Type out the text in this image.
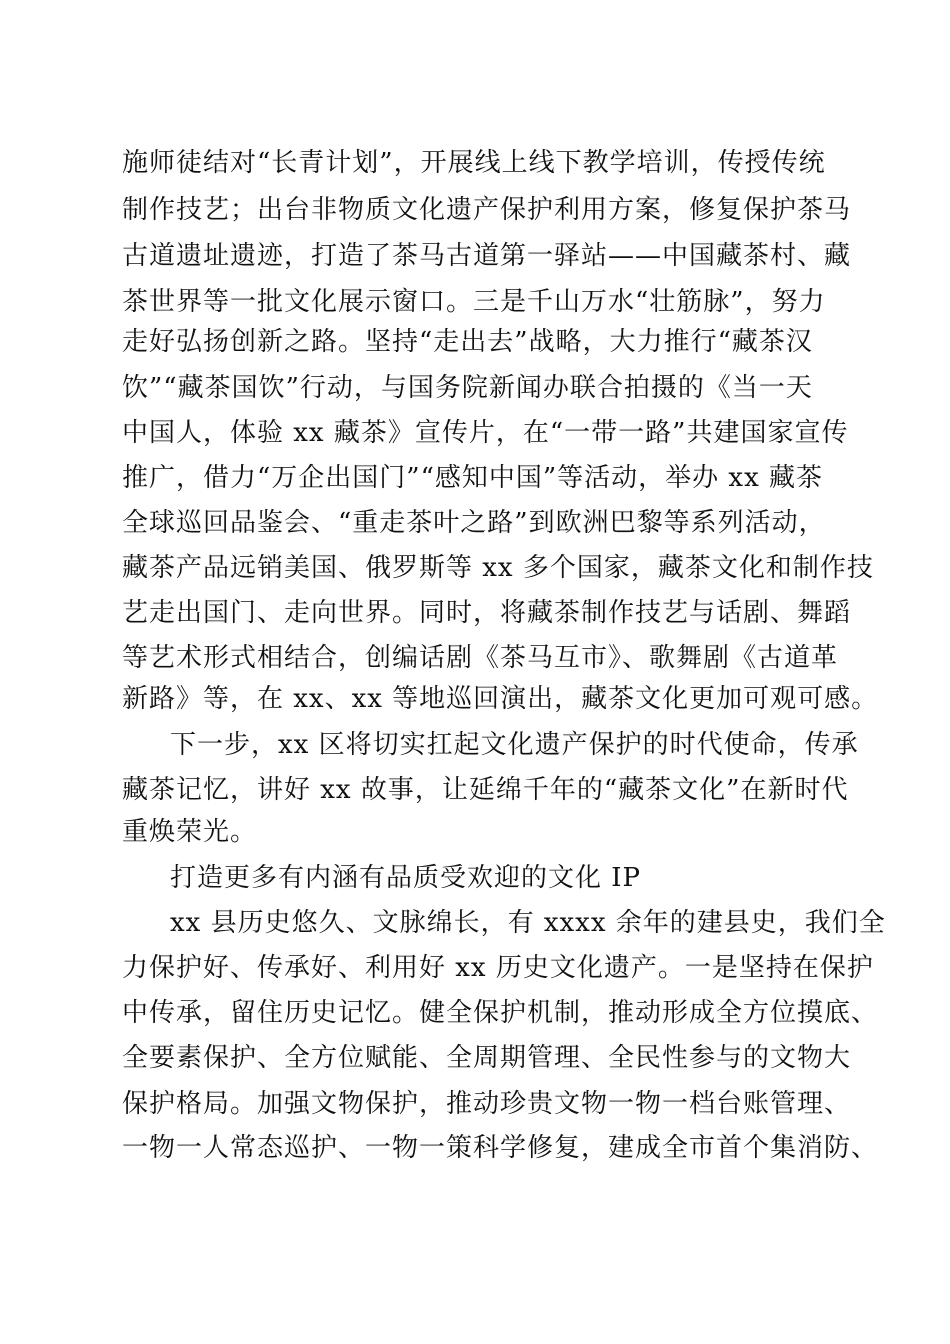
施师徒结对“长青计划”，开展线上线下教学培训，传授传统
制作技艺；出台非物质文化遗产保护利用方案，修复保护茶马
古道遗址遗迹，打造了茶马古道第一驿站——中国藏茶村、藏
茶世界等一批文化展示窗口。三是千山万水“壮筋脉”，努力
走好弘扬创新之路。坚持“走出去”战略，大力推行“藏茶汉
饮”“藏茶国饮”行动，与国务院新闻办联合拍摄的《当一天
中国人，体验 xx 藏茶》宣传片，在“一带一路”共建国家宣传
推广，借力“万企出国门”“感知中国”等活动，举办 xx 藏茶
全球巡回品鉴会、“重走茶叶之路”到欧洲巴黎等系列活动，
藏茶产品远销美国、俄罗斯等 xx 多个国家，藏茶文化和制作技
艺走出国门、走向世界。同时，将藏茶制作技艺与话剧、舞蹈
等艺术形式相结合，创编话剧《茶马互市》、歌舞剧《古道革
新路》等，在 xx、xx 等地巡回演出，藏茶文化更加可观可感。
下一步，xx 区将切实扛起文化遗产保护的时代使命，传承
藏茶记忆，讲好 xx 故事，让延绵千年的“藏茶文化”在新时代
重焕荣光。
打造更多有内涵有品质受欢迎的文化 IP
xx 县历史悠久、文脉绵长，有 xxxx 余年的建县史，我们全
力保护好、传承好、利用好 xx 历史文化遗产。一是坚持在保护
中传承，留住历史记忆。健全保护机制，推动形成全方位摸底、
全要素保护、全方位赋能、全周期管理、全民性参与的文物大
保护格局。加强文物保护，推动珍贵文物一物一档台账管理、
一物一人常态巡护、一物一策科学修复，建成全市首个集消防、
